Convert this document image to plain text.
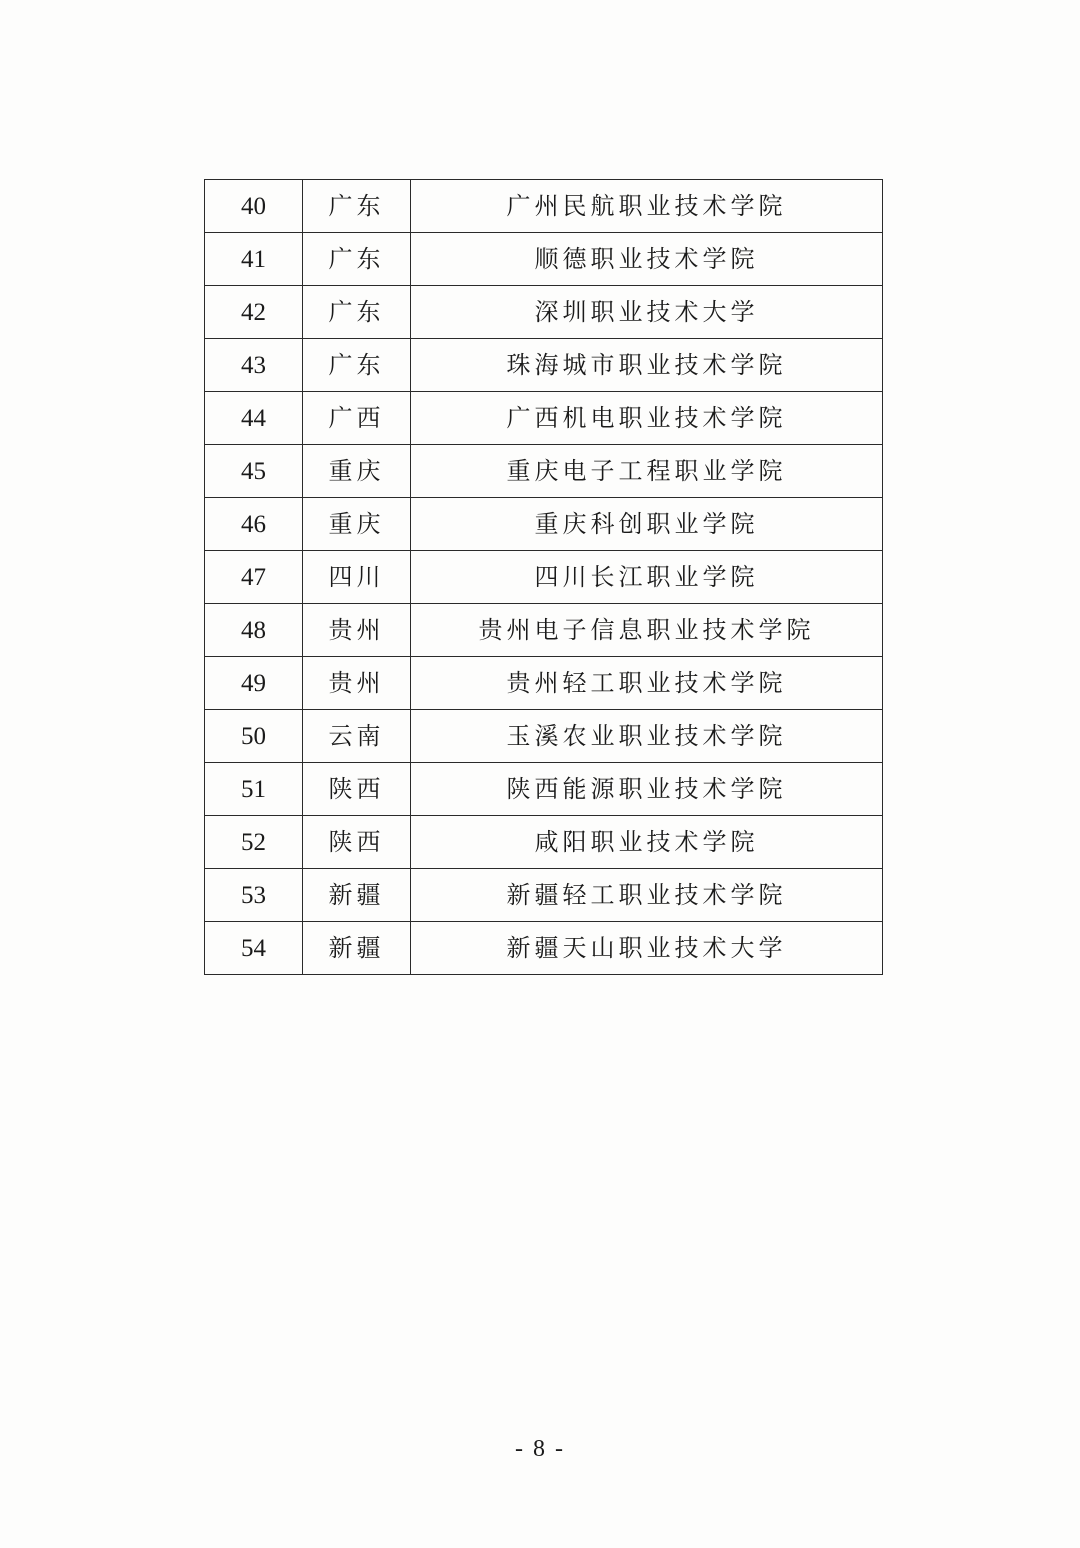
40	广东	广州民航职业技术学院
41	广东	顺德职业技术学院
42	广东	深圳职业技术大学
43	广东	珠海城市职业技术学院
44	广西	广西机电职业技术学院
45	重庆	重庆电子工程职业学院
46	重庆	重庆科创职业学院
47	四川	四川长江职业学院
48	贵州	贵州电子信息职业技术学院
49	贵州	贵州轻工职业技术学院
50	云南	玉溪农业职业技术学院
51	陕西	陕西能源职业技术学院
52	陕西	咸阳职业技术学院
53	新疆	新疆轻工职业技术学院
54	新疆	新疆天山职业技术大学
- 8 -
